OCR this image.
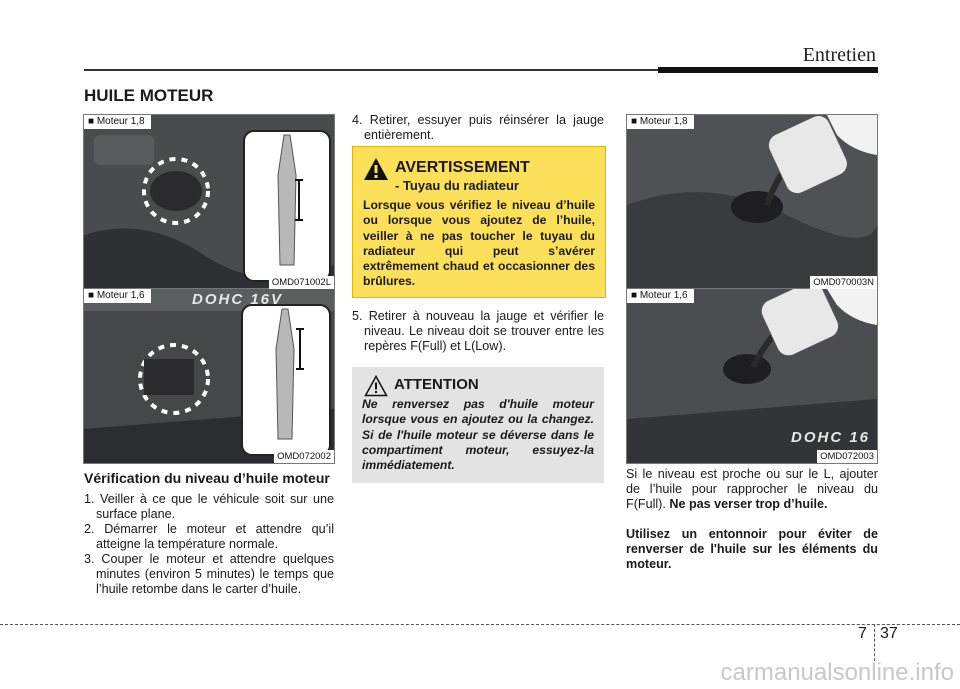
Entretien
HUILE MOTEUR
■ Moteur 1,8
OMD071002L
DOHC 16V
■ Moteur 1,6
OMD072002
Vérification du niveau d’huile moteur

1. Veiller à ce que le véhicule soit sur une surface plane.

2. Démarrer le moteur et attendre qu’il atteigne la température normale.

3. Couper le moteur et attendre quelques minutes (environ 5 minutes) le temps que l’huile retombe dans le carter d’huile.

4. Retirer, essuyer puis réinsérer la jauge entièrement.

AVERTISSEMENT
- Tuyau du radiateur
Lorsque vous vérifiez le niveau d’huile ou lorsque vous ajoutez de l’huile, veiller à ne pas toucher le tuyau du radiateur qui peut s’avérer extrêmement chaud et occasionner des brûlures.

5. Retirer à nouveau la jauge et vérifier le niveau. Le niveau doit se trouver entre les repères F(Full) et L(Low).

ATTENTION
Ne renversez pas d'huile moteur lorsque vous en ajoutez ou la changez. Si de l'huile moteur se déverse dans le compartiment moteur, essuyez-la immédiatement.
■ Moteur 1,8
OMD070003N
DOHC 16
■ Moteur 1,6
OMD072003

Si le niveau est proche ou sur le L, ajouter de l’huile pour rapprocher le niveau du F(Full). Ne pas verser trop d’huile.

Utilisez un entonnoir pour éviter de renverser de l'huile sur les éléments du moteur.

7 37
carmanualsonline.info
